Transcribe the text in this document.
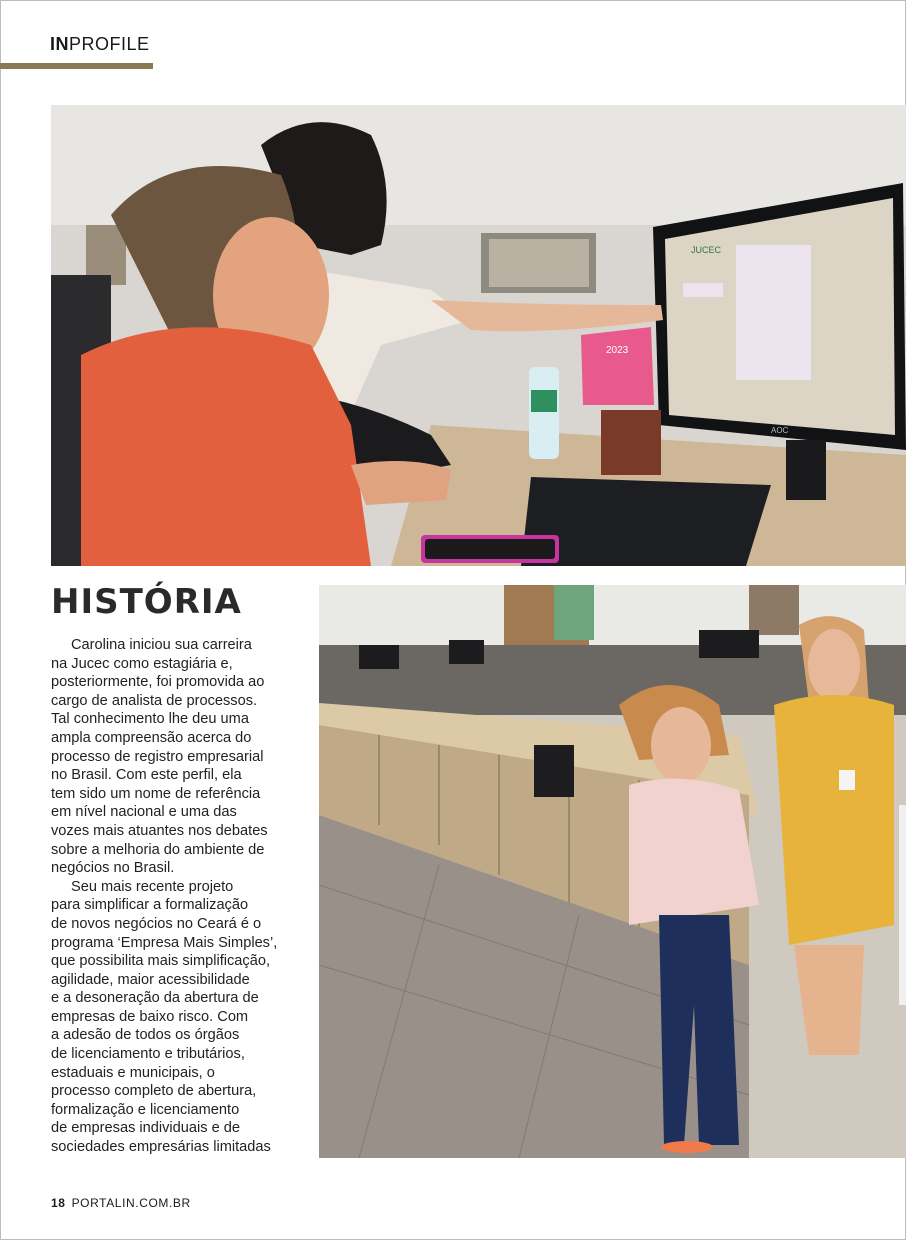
INPROFILE
JUCEC
AOC
2023
HISTÓRIA
Carolina iniciou sua carreira
na Jucec como estagiária e,
posteriormente, foi promovida ao
cargo de analista de processos.
Tal conhecimento lhe deu uma
ampla compreensão acerca do
processo de registro empresarial
no Brasil. Com este perfil, ela
tem sido um nome de referência
em nível nacional e uma das
vozes mais atuantes nos debates
sobre a melhoria do ambiente de
negócios no Brasil.
Seu mais recente projeto
para simplificar a formalização
de novos negócios no Ceará é o
programa ‘Empresa Mais Simples’,
que possibilita mais simplificação,
agilidade, maior acessibilidade
e a desoneração da abertura de
empresas de baixo risco. Com
a adesão de todos os órgãos
de licenciamento e tributários,
estaduais e municipais, o
processo completo de abertura,
formalização e licenciamento
de empresas individuais e de
sociedades empresárias limitadas
18 PORTALIN.COM.BR
